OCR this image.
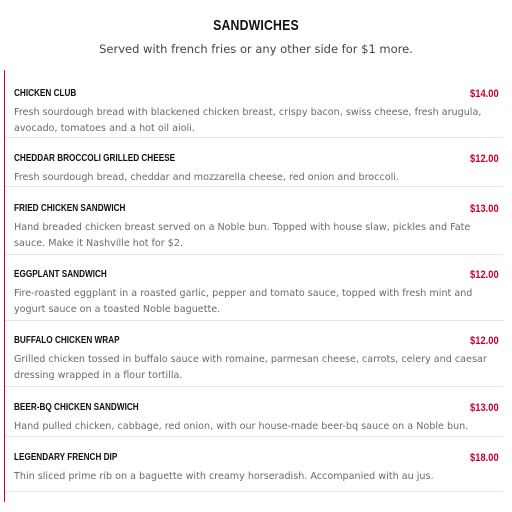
SANDWICHES
Served with french fries or any other side for $1 more.
CHICKEN CLUB	$14.00
Fresh sourdough bread with blackened chicken breast, crispy bacon, swiss cheese, fresh arugula, avocado, tomatoes and a hot oil aioli.
CHEDDAR BROCCOLI GRILLED CHEESE	$12.00
Fresh sourdough bread, cheddar and mozzarella cheese, red onion and broccoli.
FRIED CHICKEN SANDWICH	$13.00
Hand breaded chicken breast served on a Noble bun. Topped with house slaw, pickles and Fate sauce. Make it Nashville hot for $2.
EGGPLANT SANDWICH	$12.00
Fire-roasted eggplant in a roasted garlic, pepper and tomato sauce, topped with fresh mint and yogurt sauce on a toasted Noble baguette.
BUFFALO CHICKEN WRAP	$12.00
Grilled chicken tossed in buffalo sauce with romaine, parmesan cheese, carrots, celery and caesar dressing wrapped in a flour tortilla.
BEER-BQ CHICKEN SANDWICH	$13.00
Hand pulled chicken, cabbage, red onion, with our house-made beer-bq sauce on a Noble bun.
LEGENDARY FRENCH DIP	$18.00
Thin sliced prime rib on a baguette with creamy horseradish. Accompanied with au jus.
